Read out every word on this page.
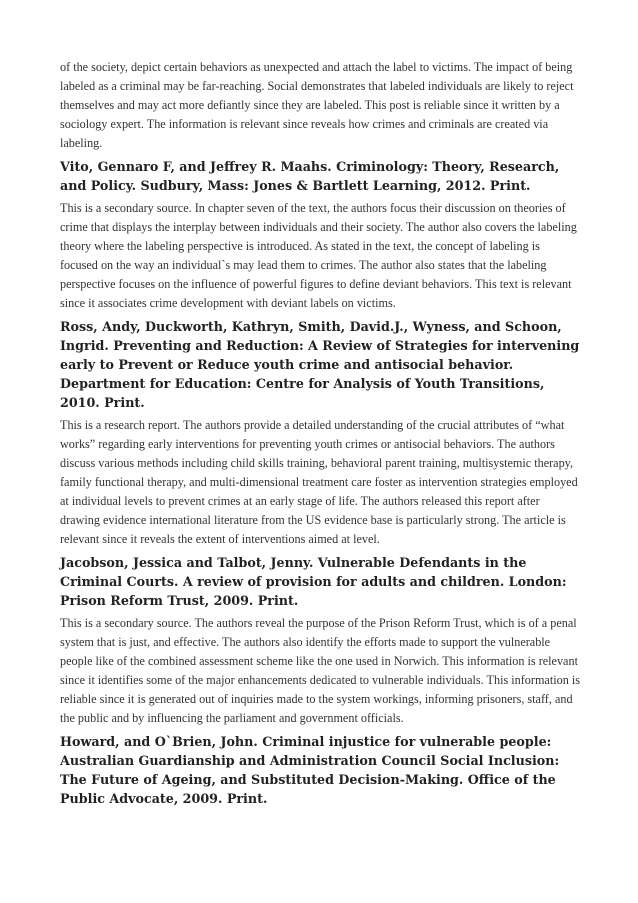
of the society, depict certain behaviors as unexpected and attach the label to victims. The impact of being labeled as a criminal may be far-reaching. Social demonstrates that labeled individuals are likely to reject themselves and may act more defiantly since they are labeled. This post is reliable since it written by a sociology expert. The information is relevant since reveals how crimes and criminals are created via labeling.

Vito, Gennaro F, and Jeffrey R. Maahs. Criminology: Theory, Research, and Policy. Sudbury, Mass: Jones & Bartlett Learning, 2012. Print.

This is a secondary source. In chapter seven of the text, the authors focus their discussion on theories of crime that displays the interplay between individuals and their society. The author also covers the labeling theory where the labeling perspective is introduced. As stated in the text, the concept of labeling is focused on the way an individual`s may lead them to crimes. The author also states that the labeling perspective focuses on the influence of powerful figures to define deviant behaviors. This text is relevant since it associates crime development with deviant labels on victims.

Ross, Andy, Duckworth, Kathryn, Smith, David.J., Wyness, and Schoon, Ingrid. Preventing and Reduction: A Review of Strategies for intervening early to Prevent or Reduce youth crime and antisocial behavior. Department for Education: Centre for Analysis of Youth Transitions, 2010. Print.

This is a research report. The authors provide a detailed understanding of the crucial attributes of “what works” regarding early interventions for preventing youth crimes or antisocial behaviors. The authors discuss various methods including child skills training, behavioral parent training, multisystemic therapy, family functional therapy, and multi-dimensional treatment care foster as intervention strategies employed at individual levels to prevent crimes at an early stage of life. The authors released this report after drawing evidence international literature from the US evidence base is particularly strong. The article is relevant since it reveals the extent of interventions aimed at level.

Jacobson, Jessica and Talbot, Jenny. Vulnerable Defendants in the Criminal Courts. A review of provision for adults and children. London: Prison Reform Trust, 2009. Print.

This is a secondary source. The authors reveal the purpose of the Prison Reform Trust, which is of a penal system that is just, and effective. The authors also identify the efforts made to support the vulnerable people like of the combined assessment scheme like the one used in Norwich. This information is relevant since it identifies some of the major enhancements dedicated to vulnerable individuals. This information is reliable since it is generated out of inquiries made to the system workings, informing prisoners, staff, and the public and by influencing the parliament and government officials.

Howard, and O`Brien, John. Criminal injustice for vulnerable people: Australian Guardianship and Administration Council Social Inclusion: The Future of Ageing, and Substituted Decision-Making. Office of the Public Advocate, 2009. Print.
